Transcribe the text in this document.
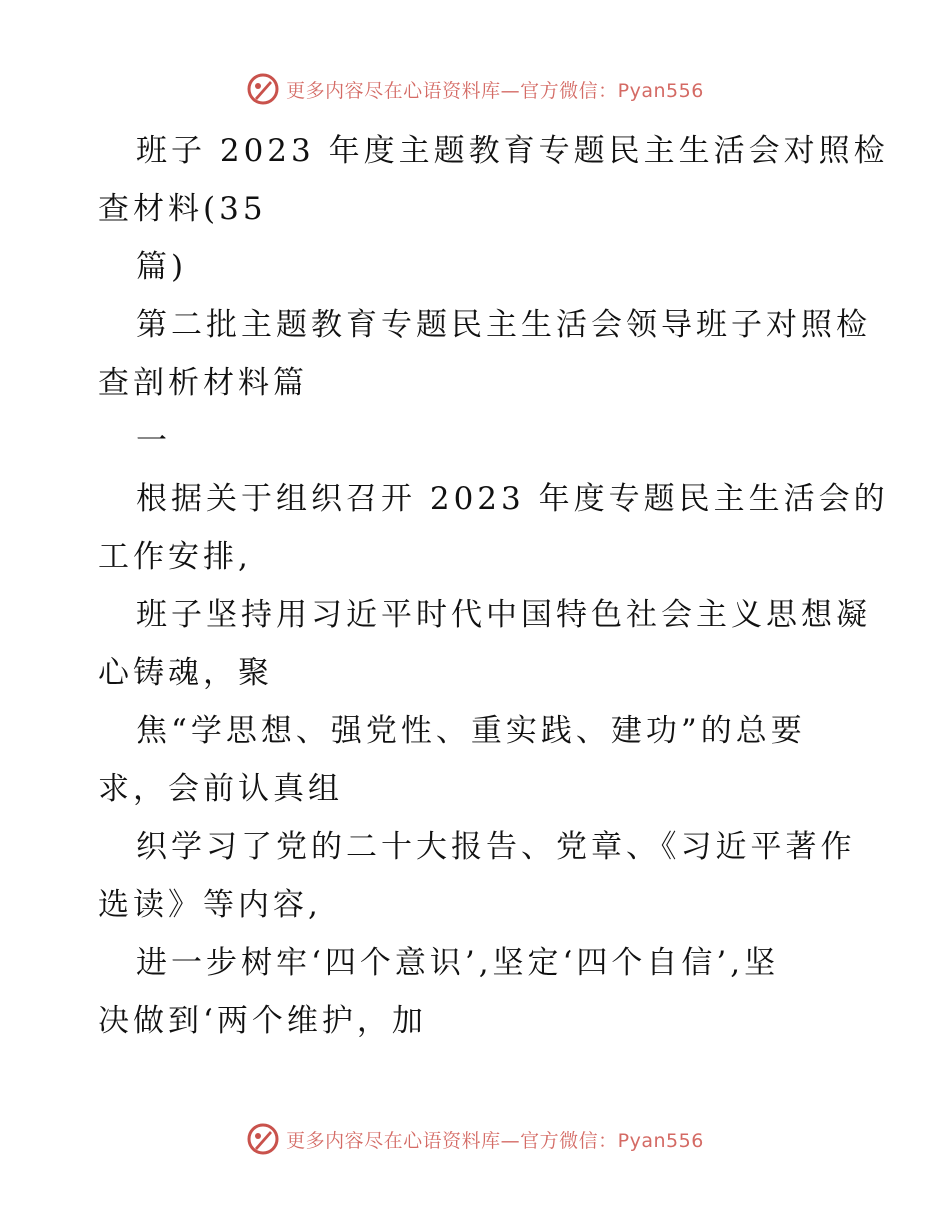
更多内容尽在心语资料库—官方微信：Pyan556
班子 2023 年度主题教育专题民主生活会对照检
查材料(35
篇)
第二批主题教育专题民主生活会领导班子对照检
查剖析材料篇
一
根据关于组织召开 2023 年度专题民主生活会的
工作安排,
班子坚持用习近平时代中国特色社会主义思想凝
心铸魂，聚
焦“学思想、强党性、重实践、建功”的总要
求，会前认真组
织学习了党的二十大报告、党章、《习近平著作
选读》等内容,
进一步树牢‘四个意识’,坚定‘四个自信’,坚
决做到‘两个维护，加
更多内容尽在心语资料库—官方微信：Pyan556
